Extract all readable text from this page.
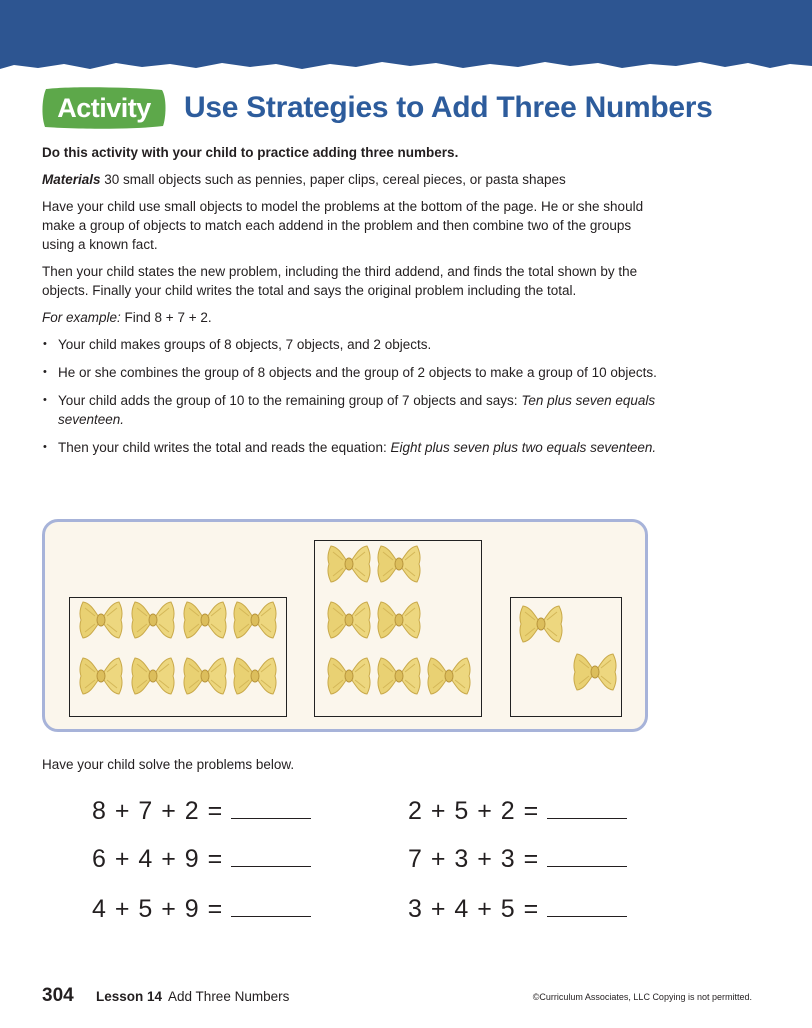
Activity	Use Strategies to Add Three Numbers

Do this activity with your child to practice adding three numbers.

Materials 30 small objects such as pennies, paper clips, cereal pieces, or pasta shapes

Have your child use small objects to model the problems at the bottom of the page. He or she should make a group of objects to match each addend in the problem and then combine two of the groups using a known fact.

Then your child states the new problem, including the third addend, and finds the total shown by the objects. Finally your child writes the total and says the original problem including the total.

For example: Find 8 + 7 + 2.

• Your child makes groups of 8 objects, 7 objects, and 2 objects.
• He or she combines the group of 8 objects and the group of 2 objects to make a group of 10 objects.
• Your child adds the group of 10 to the remaining group of 7 objects and says: Ten plus seven equals seventeen.
• Then your child writes the total and reads the equation: Eight plus seven plus two equals seventeen.
Have your child solve the problems below.
8 + 7 + 2 =	2 + 5 + 2 =
6 + 4 + 9 =	7 + 3 + 3 =
4 + 5 + 9 =	3 + 4 + 5 =
304 Lesson 14 Add Three Numbers	©Curriculum Associates, LLC Copying is not permitted.
